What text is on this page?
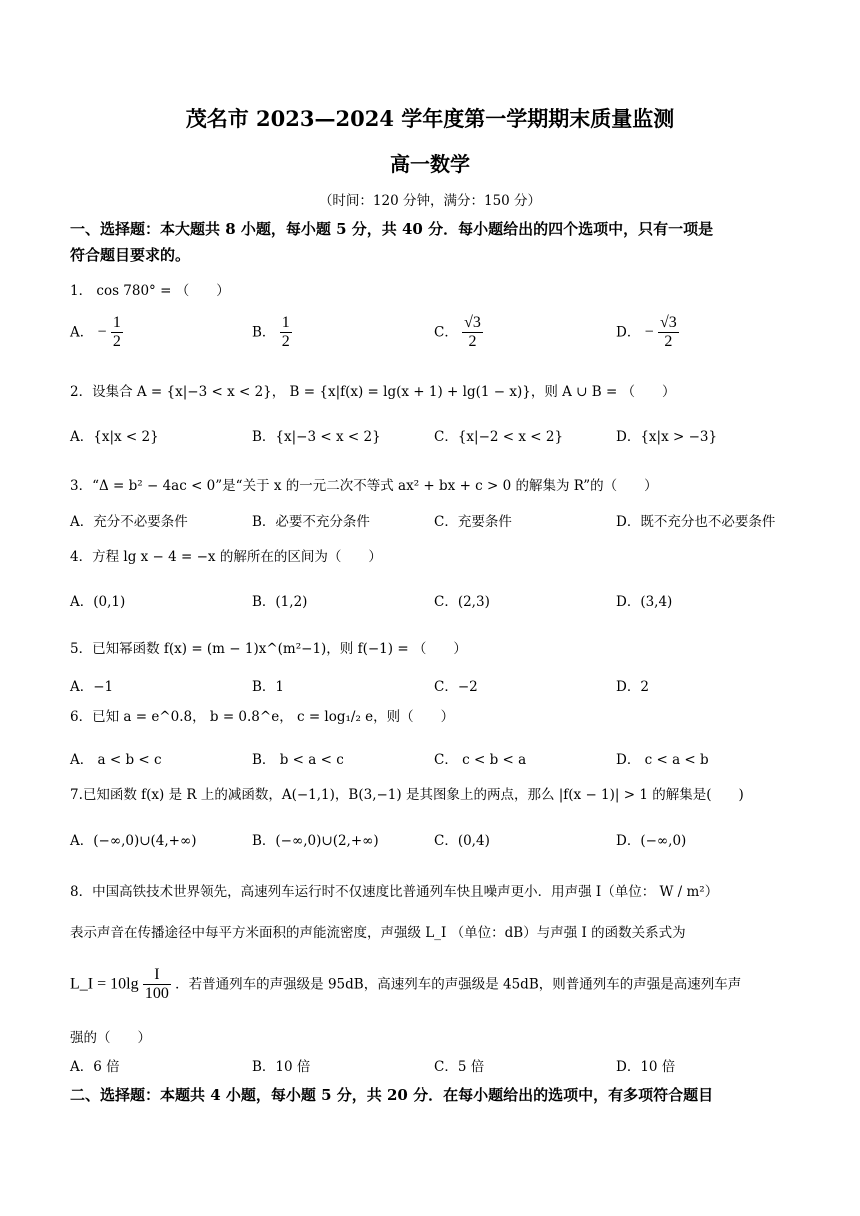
茂名市 2023—2024 学年度第一学期期末质量监测
高一数学
（时间：120 分钟，满分：150 分）
一、选择题：本大题共 8 小题，每小题 5 分，共 40 分．每小题给出的四个选项中，只有一项是
符合题目要求的。
1． cos 780° = （　　）
A． − $\frac{1}{2}$	B． $\frac{1}{2}$	C． $\frac{√3}{2}$	D． − $\frac{√3}{2}$
2．设集合 A = {x|−3 < x < 2}， B = {x|f(x) = lg(x + 1) + lg(1 − x)}，则 A ∪ B = （　　）
A．{x|x < 2}	B．{x|−3 < x < 2}	C．{x|−2 < x < 2}	D．{x|x > −3}
3．“Δ = b² − 4ac < 0”是“关于 x 的一元二次不等式 ax² + bx + c > 0 的解集为 R”的（　　）
A．充分不必要条件	B．必要不充分条件	C．充要条件	D．既不充分也不必要条件
4．方程 lg x − 4 = −x 的解所在的区间为（　　）
A．(0,1)	B．(1,2)	C．(2,3)	D．(3,4)
5．已知幂函数 f(x) = (m − 1)x^(m²−1)，则 f(−1) = （　　）
A．−1	B．1	C．−2	D．2
6．已知 a = e^0.8， b = 0.8^e， c = log₁/₂ e，则（　　）
A． a < b < c	B． b < a < c	C． c < b < a	D． c < a < b
7.已知函数 f(x) 是 R 上的减函数，A(−1,1)，B(3,−1) 是其图象上的两点，那么 |f(x − 1)| > 1 的解集是(　　)
A．(−∞,0)∪(4,+∞)	B．(−∞,0)∪(2,+∞)	C．(0,4)	D．(−∞,0)
8．中国高铁技术世界领先，高速列车运行时不仅速度比普通列车快且噪声更小．用声强 I（单位： W / m²）
表示声音在传播途径中每平方米面积的声能流密度，声强级 L_I （单位：dB）与声强 I 的函数关系式为
L_I = $10\lg \frac{I}{100}$ ．若普通列车的声强级是 95dB，高速列车的声强级是 45dB，则普通列车的声强是高速列车声
强的（　　）
A．6 倍	B．10 倍	C．5 倍	D．10 倍
二、选择题：本题共 4 小题，每小题 5 分，共 20 分．在每小题给出的选项中，有多项符合题目
